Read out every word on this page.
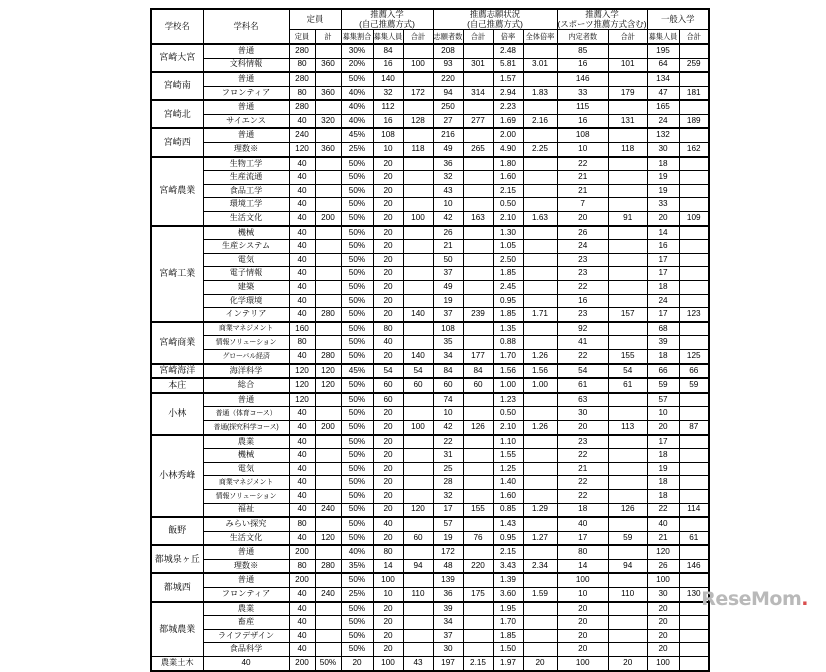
学校名	学科名	定員		推薦入学
(自己推薦方式)			推薦志願状況
(自己推薦方式)				推薦入学
(スポーツ推薦方式含む)		一般入学	
		定員	計	募集割合	募集人員	合計	志願者数	合計	倍率	全体倍率	内定者数	合計	募集人員	合計
宮崎大宮	普通	280		30%	84		208		2.48		85		195	
	文科情報	80	360	20%	16	100	93	301	5.81	3.01	16	101	64	259
宮崎南	普通	280		50%	140		220		1.57		146		134	
	フロンティア	80	360	40%	32	172	94	314	2.94	1.83	33	179	47	181
宮崎北	普通	280		40%	112		250		2.23		115		165	
	サイエンス	40	320	40%	16	128	27	277	1.69	2.16	16	131	24	189
宮崎西	普通	240		45%	108		216		2.00		108		132	
	理数※	120	360	25%	10	118	49	265	4.90	2.25	10	118	30	162
宮崎農業	生物工学	40		50%	20		36		1.80		22		18	
	生産流通	40		50%	20		32		1.60		21		19	
	食品工学	40		50%	20		43		2.15		21		19	
	環境工学	40		50%	20		10		0.50		7		33	
	生活文化	40	200	50%	20	100	42	163	2.10	1.63	20	91	20	109
宮崎工業	機械	40		50%	20		26		1.30		26		14	
	生産システム	40		50%	20		21		1.05		24		16	
	電気	40		50%	20		50		2.50		23		17	
	電子情報	40		50%	20		37		1.85		23		17	
	建築	40		50%	20		49		2.45		22		18	
	化学環境	40		50%	20		19		0.95		16		24	
	インテリア	40	280	50%	20	140	37	239	1.85	1.71	23	157	17	123
宮崎商業	商業マネジメント	160		50%	80		108		1.35		92		68	
	情報ソリューション	80		50%	40		35		0.88		41		39	
	グローバル経済	40	280	50%	20	140	34	177	1.70	1.26	22	155	18	125
宮崎海洋	海洋科学	120	120	45%	54	54	84	84	1.56	1.56	54	54	66	66
本庄	総合	120	120	50%	60	60	60	60	1.00	1.00	61	61	59	59
小林	普通	120		50%	60		74		1.23		63		57	
	普通（体育コース）	40		50%	20		10		0.50		30		10	
	普通(探究科学コース)	40	200	50%	20	100	42	126	2.10	1.26	20	113	20	87
小林秀峰	農業	40		50%	20		22		1.10		23		17	
	機械	40		50%	20		31		1.55		22		18	
	電気	40		50%	20		25		1.25		21		19	
	商業マネジメント	40		50%	20		28		1.40		22		18	
	情報ソリューション	40		50%	20		32		1.60		22		18	
	福祉	40	240	50%	20	120	17	155	0.85	1.29	18	126	22	114
飯野	みらい探究	80		50%	40		57		1.43		40		40	
	生活文化	40	120	50%	20	60	19	76	0.95	1.27	17	59	21	61
都城泉ヶ丘	普通	200		40%	80		172		2.15		80		120	
	理数※	80	280	35%	14	94	48	220	3.43	2.34	14	94	26	146
都城西	普通	200		50%	100		139		1.39		100		100	
	フロンティア	40	240	25%	10	110	36	175	3.60	1.59	10	110	30	130
都城農業	農業	40		50%	20		39		1.95		20		20	
	畜産	40		50%	20		34		1.70		20		20	
	ライフデザイン	40		50%	20		37		1.85		20		20	
	食品科学	40		50%	20		30		1.50		20		20	
農業土木	40	200	50%	20	100	43	197	2.15	1.97	20	100	20	100	
ReseMom.
